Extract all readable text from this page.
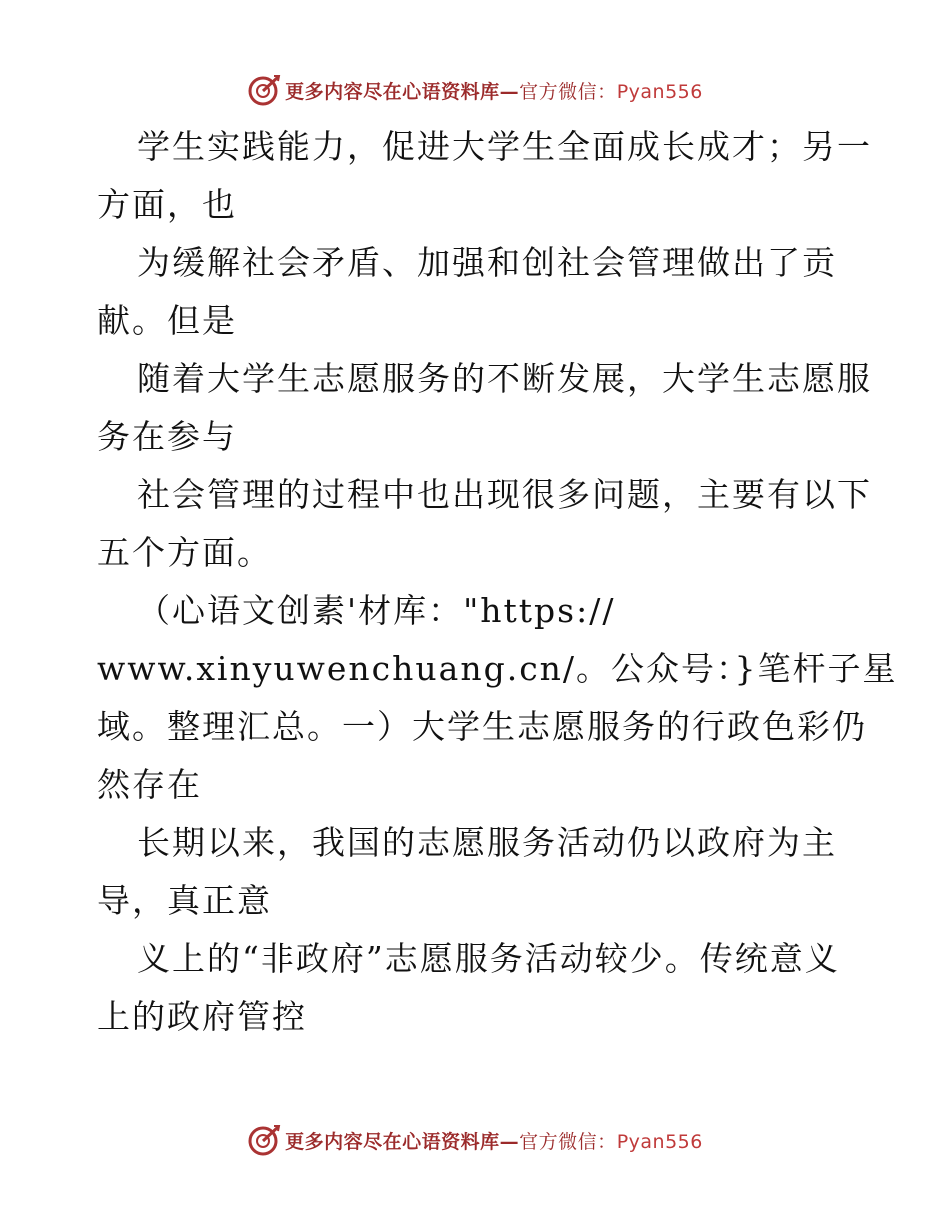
更多内容尽在心语资料库—官方微信：Pyan556
学生实践能力，促进大学生全面成长成才；另一
方面，也
为缓解社会矛盾、加强和创社会管理做出了贡
献。但是
随着大学生志愿服务的不断发展，大学生志愿服
务在参与
社会管理的过程中也出现很多问题，主要有以下
五个方面。
（心语文创素'材库："https://
www.xinyuwenchuang.cn/。公众号：}笔杆子星
域。整理汇总。一）大学生志愿服务的行政色彩仍
然存在
长期以来，我国的志愿服务活动仍以政府为主
导，真正意
义上的“非政府”志愿服务活动较少。传统意义
上的政府管控
更多内容尽在心语资料库—官方微信：Pyan556
